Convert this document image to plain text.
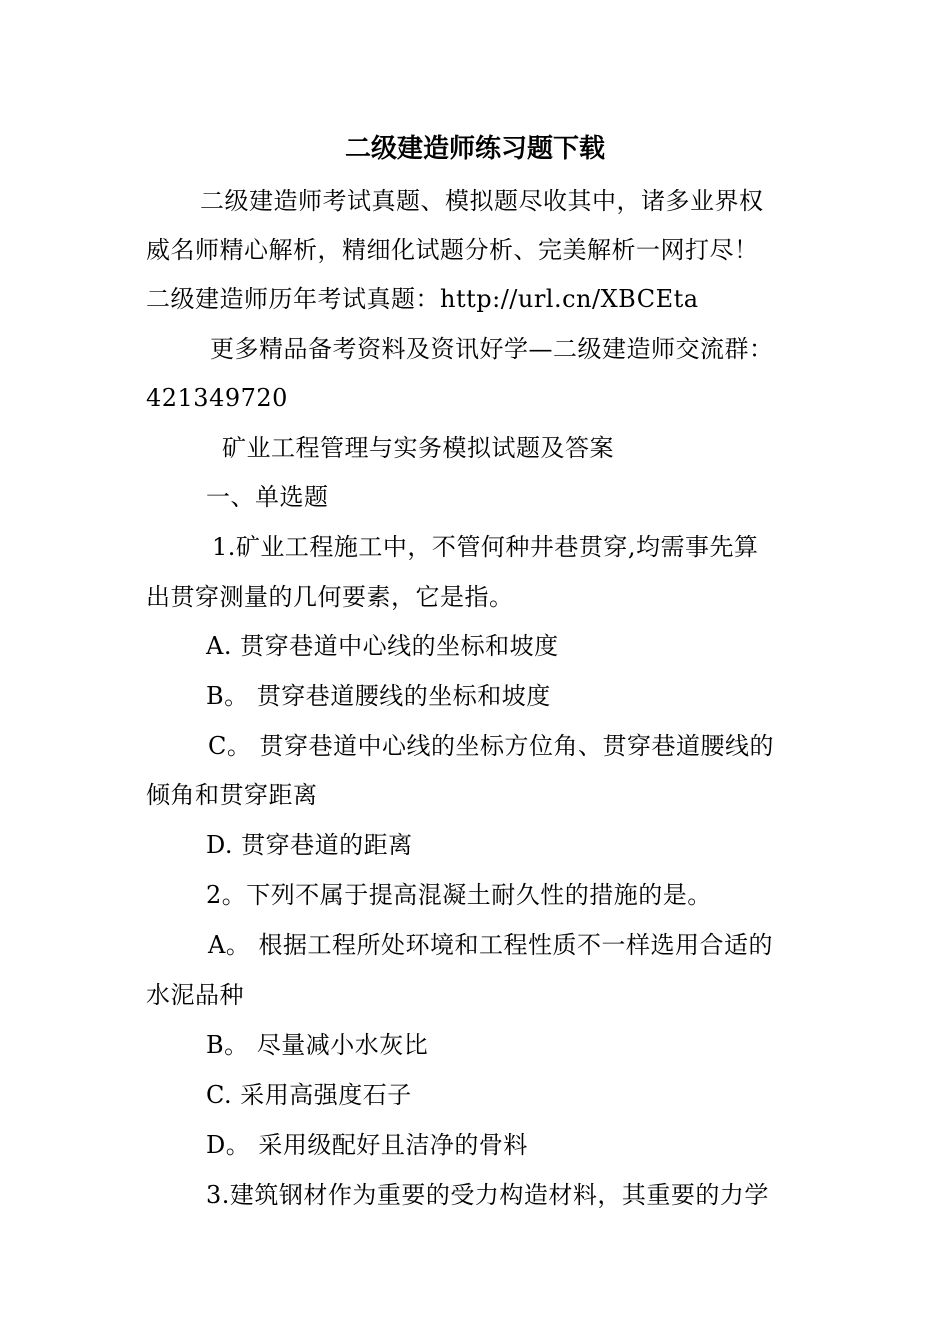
二级建造师练习题下载
二级建造师考试真题、模拟题尽收其中，诸多业界权
威名师精心解析，精细化试题分析、完美解析一网打尽！
二级建造师历年考试真题：http://url.cn/XBCEta
更多精品备考资料及资讯好学—二级建造师交流群：
421349720
矿业工程管理与实务模拟试题及答案
一、单选题
1.矿业工程施工中，不管何种井巷贯穿,均需事先算
出贯穿测量的几何要素，它是指。
A. 贯穿巷道中心线的坐标和坡度
B。 贯穿巷道腰线的坐标和坡度
C。 贯穿巷道中心线的坐标方位角、贯穿巷道腰线的
倾角和贯穿距离
D. 贯穿巷道的距离
2。下列不属于提高混凝土耐久性的措施的是。
A。 根据工程所处环境和工程性质不一样选用合适的
水泥品种
B。 尽量减小水灰比
C. 采用高强度石子
D。 采用级配好且洁净的骨料
3.建筑钢材作为重要的受力构造材料，其重要的力学
